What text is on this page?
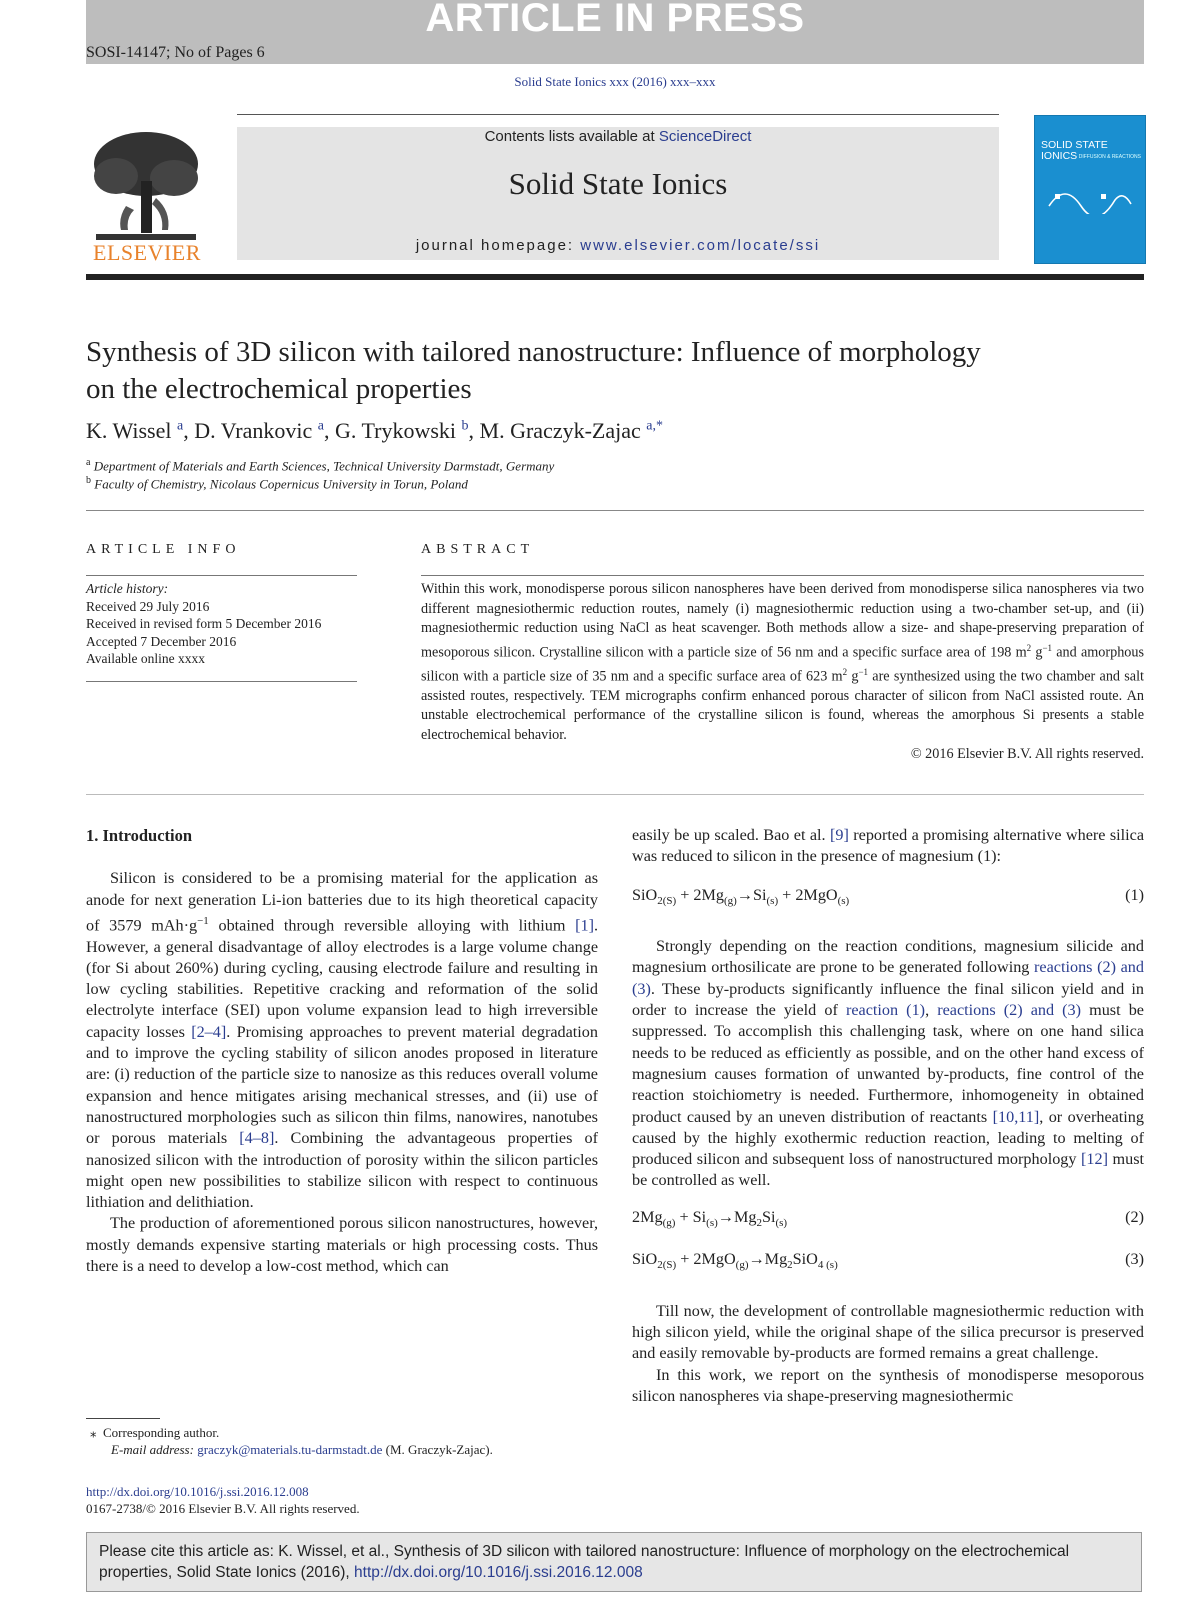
ARTICLE IN PRESS
SOSI-14147; No of Pages 6
Solid State Ionics xxx (2016) xxx–xxx
ELSEVIER
Contents lists available at ScienceDirect
Solid State Ionics
journal homepage: www.elsevier.com/locate/ssi
SOLID STATE IONICS DIFFUSION & REACTIONS
Synthesis of 3D silicon with tailored nanostructure: Influence of morphology on the electrochemical properties
K. Wissel $^a$, D. Vrankovic $^a$, G. Trykowski $^b$, M. Graczyk-Zajac $^{a,*}$
$^a$ Department of Materials and Earth Sciences, Technical University Darmstadt, Germany
$^b$ Faculty of Chemistry, Nicolaus Copernicus University in Torun, Poland
ARTICLE INFO
Article history:
Received 29 July 2016
Received in revised form 5 December 2016
Accepted 7 December 2016
Available online xxxx
ABSTRACT
Within this work, monodisperse porous silicon nanospheres have been derived from monodisperse silica nanospheres via two different magnesiothermic reduction routes, namely (i) magnesiothermic reduction using a two-chamber set-up, and (ii) magnesiothermic reduction using NaCl as heat scavenger. Both methods allow a size- and shape-preserving preparation of mesoporous silicon. Crystalline silicon with a particle size of 56 nm and a specific surface area of 198 $m^2$ $g^{-1}$ and amorphous silicon with a particle size of 35 nm and a specific surface area of 623 $m^2$ $g^{-1}$ are synthesized using the two chamber and salt assisted routes, respectively. TEM micrographs confirm enhanced porous character of silicon from NaCl assisted route. An unstable electrochemical performance of the crystalline silicon is found, whereas the amorphous Si presents a stable electrochemical behavior.
© 2016 Elsevier B.V. All rights reserved.
1. Introduction

Silicon is considered to be a promising material for the application as anode for next generation Li-ion batteries due to its high theoretical capacity of 3579 $mAh\cdot g^{-1}$ obtained through reversible alloying with lithium [1]. However, a general disadvantage of alloy electrodes is a large volume change (for Si about 260%) during cycling, causing electrode failure and resulting in low cycling stabilities. Repetitive cracking and reformation of the solid electrolyte interface (SEI) upon volume expansion lead to high irreversible capacity losses [2–4]. Promising approaches to prevent material degradation and to improve the cycling stability of silicon anodes proposed in literature are: (i) reduction of the particle size to nanosize as this reduces overall volume expansion and hence mitigates arising mechanical stresses, and (ii) use of nanostructured morphologies such as silicon thin films, nanowires, nanotubes or porous materials [4–8]. Combining the advantageous properties of nanosized silicon with the introduction of porosity within the silicon particles might open new possibilities to stabilize silicon with respect to continuous lithiation and delithiation.

The production of aforementioned porous silicon nanostructures, however, mostly demands expensive starting materials or high processing costs. Thus there is a need to develop a low-cost method, which can

easily be up scaled. Bao et al. [9] reported a promising alternative where silica was reduced to silicon in the presence of magnesium (1):

$SiO_{2(S)} + 2Mg_{(g)}\to Si_{(s)} + 2MgO_{(s)}$	(1)

Strongly depending on the reaction conditions, magnesium silicide and magnesium orthosilicate are prone to be generated following reactions (2) and (3). These by-products significantly influence the final silicon yield and in order to increase the yield of reaction (1), reactions (2) and (3) must be suppressed. To accomplish this challenging task, where on one hand silica needs to be reduced as efficiently as possible, and on the other hand excess of magnesium causes formation of unwanted by-products, fine control of the reaction stoichiometry is needed. Furthermore, inhomogeneity in obtained product caused by an uneven distribution of reactants [10,11], or overheating caused by the highly exothermic reduction reaction, leading to melting of produced silicon and subsequent loss of nanostructured morphology [12] must be controlled as well.

$2Mg_{(g)} + Si_{(s)}\to Mg_2Si_{(s)}$	(2)
$SiO_{2(S)} + 2MgO_{(g)}\to Mg_2SiO_{4 (s)}$	(3)

Till now, the development of controllable magnesiothermic reduction with high silicon yield, while the original shape of the silica precursor is preserved and easily removable by-products are formed remains a great challenge.

In this work, we report on the synthesis of monodisperse mesoporous silicon nanospheres via shape-preserving magnesiothermic

⁎ Corresponding author.
E-mail address: graczyk@materials.tu-darmstadt.de (M. Graczyk-Zajac).
http://dx.doi.org/10.1016/j.ssi.2016.12.008
0167-2738/© 2016 Elsevier B.V. All rights reserved.
Please cite this article as: K. Wissel, et al., Synthesis of 3D silicon with tailored nanostructure: Influence of morphology on the electrochemical properties, Solid State Ionics (2016), http://dx.doi.org/10.1016/j.ssi.2016.12.008
